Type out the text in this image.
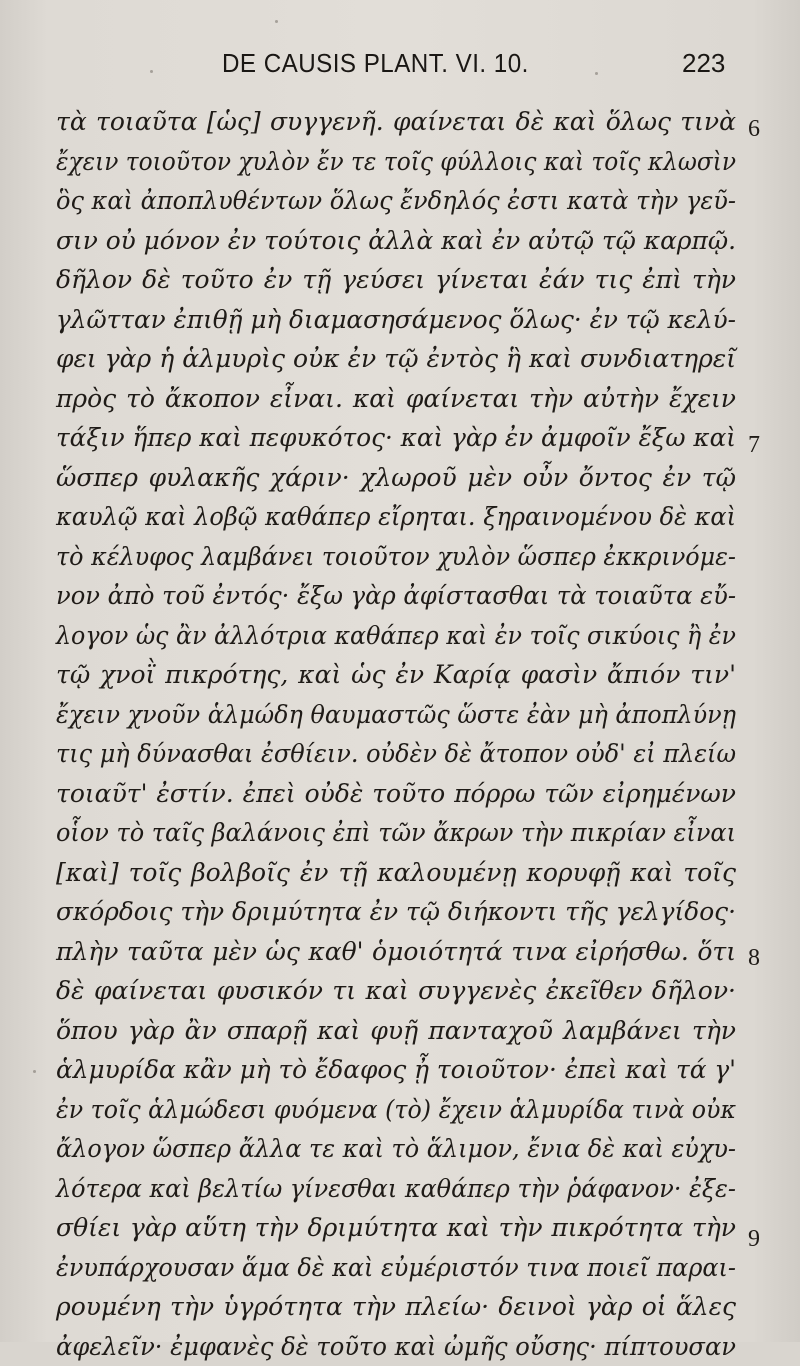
DE CAUSIS PLANT. VI. 10.	223
τὰ τοιαῦτα [ὡς] συγγενῆ. φαίνεται δὲ καὶ ὅλως τινὰ
ἔχειν τοιοῦτον χυλὸν ἔν τε τοῖς φύλλοις καὶ τοῖς κλωσὶν
ὃς καὶ ἀποπλυθέντων ὅλως ἔνδηλός ἐστι κατὰ τὴν γεῦ-
σιν οὐ μόνον ἐν τούτοις ἀλλὰ καὶ ἐν αὐτῷ τῷ καρπῷ.
δῆλον δὲ τοῦτο ἐν τῇ γεύσει γίνεται ἐάν τις ἐπὶ τὴν
γλῶτταν ἐπιθῇ μὴ διαμασησάμενος ὅλως· ἐν τῷ κελύ-
φει γὰρ ἡ ἁλμυρὶς οὐκ ἐν τῷ ἐντὸς ἣ καὶ συνδιατηρεῖ
πρὸς τὸ ἄκοπον εἶναι. καὶ φαίνεται τὴν αὐτὴν ἔχειν
τάξιν ἥπερ καὶ πεφυκότος· καὶ γὰρ ἐν ἀμφοῖν ἔξω καὶ
ὥσπερ φυλακῆς χάριν· χλωροῦ μὲν οὖν ὄντος ἐν τῷ
καυλῷ καὶ λοβῷ καθάπερ εἴρηται. ξηραινομένου δὲ καὶ
τὸ κέλυφος λαμβάνει τοιοῦτον χυλὸν ὥσπερ ἐκκρινόμε-
νον ἀπὸ τοῦ ἐντός· ἔξω γὰρ ἀφίστασθαι τὰ τοιαῦτα εὔ-
λογον ὡς ἂν ἀλλότρια καθάπερ καὶ ἐν τοῖς σικύοις ἢ ἐν
τῷ χνοῒ πικρότης, καὶ ὡς ἐν Καρίᾳ φασὶν ἄπιόν τιν'
ἔχειν χνοῦν ἁλμώδη θαυμαστῶς ὥστε ἐὰν μὴ ἀποπλύνῃ
τις μὴ δύνασθαι ἐσθίειν. οὐδὲν δὲ ἄτοπον οὐδ' εἰ πλείω
τοιαῦτ' ἐστίν. ἐπεὶ οὐδὲ τοῦτο πόρρω τῶν εἰρημένων
οἷον τὸ ταῖς βαλάνοις ἐπὶ τῶν ἄκρων τὴν πικρίαν εἶναι
[καὶ] τοῖς βολβοῖς ἐν τῇ καλουμένῃ κορυφῇ καὶ τοῖς
σκόρδοις τὴν δριμύτητα ἐν τῷ διήκοντι τῆς γελγίδος·
πλὴν ταῦτα μὲν ὡς καθ' ὁμοιότητά τινα εἰρήσθω. ὅτι
δὲ φαίνεται φυσικόν τι καὶ συγγενὲς ἐκεῖθεν δῆλον·
ὅπου γὰρ ἂν σπαρῇ καὶ φυῇ πανταχοῦ λαμβάνει τὴν
ἁλμυρίδα κἂν μὴ τὸ ἔδαφος ᾖ τοιοῦτον· ἐπεὶ καὶ τά γ'
ἐν τοῖς ἁλμώδεσι φυόμενα (τὸ) ἔχειν ἁλμυρίδα τινὰ οὐκ
ἄλογον ὥσπερ ἄλλα τε καὶ τὸ ἅλιμον, ἔνια δὲ καὶ εὐχυ-
λότερα καὶ βελτίω γίνεσθαι καθάπερ τὴν ῥάφανον· ἐξε-
σθίει γὰρ αὕτη τὴν δριμύτητα καὶ τὴν πικρότητα τὴν
ἐνυπάρχουσαν ἅμα δὲ καὶ εὐμέριστόν τινα ποιεῖ παραι-
ρουμένη τὴν ὑγρότητα τὴν πλείω· δεινοὶ γὰρ οἱ ἅλες
ἀφελεῖν· ἐμφανὲς δὲ τοῦτο καὶ ὠμῆς οὔσης· πίπτουσαν
6
7
8
9
